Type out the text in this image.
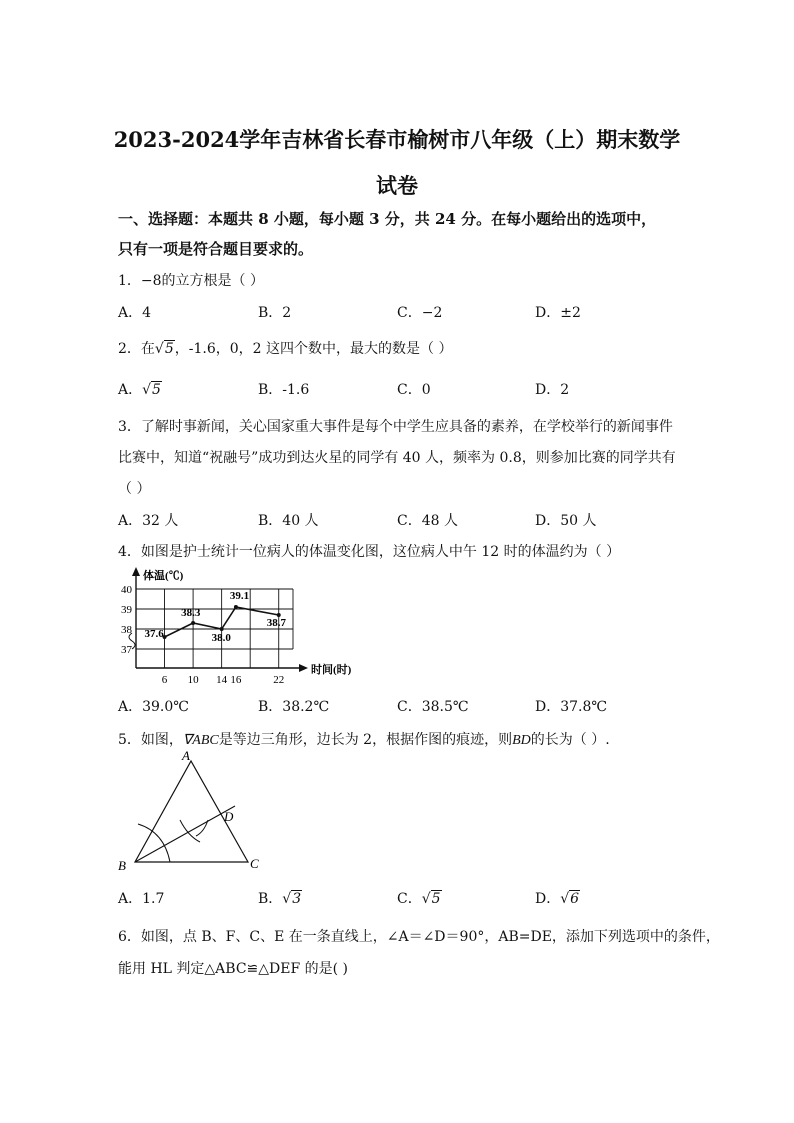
2023-2024学年吉林省长春市榆树市八年级（上）期末数学
试卷
一、选择题：本题共 8 小题，每小题 3 分，共 24 分。在每小题给出的选项中，
只有一项是符合题目要求的。
1．−8的立方根是（ ）
A．4	B．2	C．−2	D．±2
2．在√5，-1.6，0，2 这四个数中，最大的数是（ ）
A．√5	B．-1.6	C．0	D．2
3．了解时事新闻，关心国家重大事件是每个中学生应具备的素养，在学校举行的新闻事件
比赛中，知道“祝融号”成功到达火星的同学有 40 人，频率为 0.8，则参加比赛的同学共有
（ ）
A．32 人	B．40 人	C．48 人	D．50 人
4．如图是护士统计一位病人的体温变化图，这位病人中午 12 时的体温约为（ ）
体温(℃)
时间(时)
40
39
38
37
6 10 14 16	22
37.6
38.3
38.0
39.1
38.7
A．39.0℃	B．38.2℃	C．38.5℃	D．37.8℃
5．如图，∇ABC是等边三角形，边长为 2，根据作图的痕迹，则BD的长为（ ）.
A
B	C
D
A．1.7	B．√3	C．√5	D．√6
6．如图，点 B、F、C、E 在一条直线上，∠A＝∠D＝90°，AB=DE，添加下列选项中的条件，
能用 HL 判定△ABC≌△DEF 的是( )
